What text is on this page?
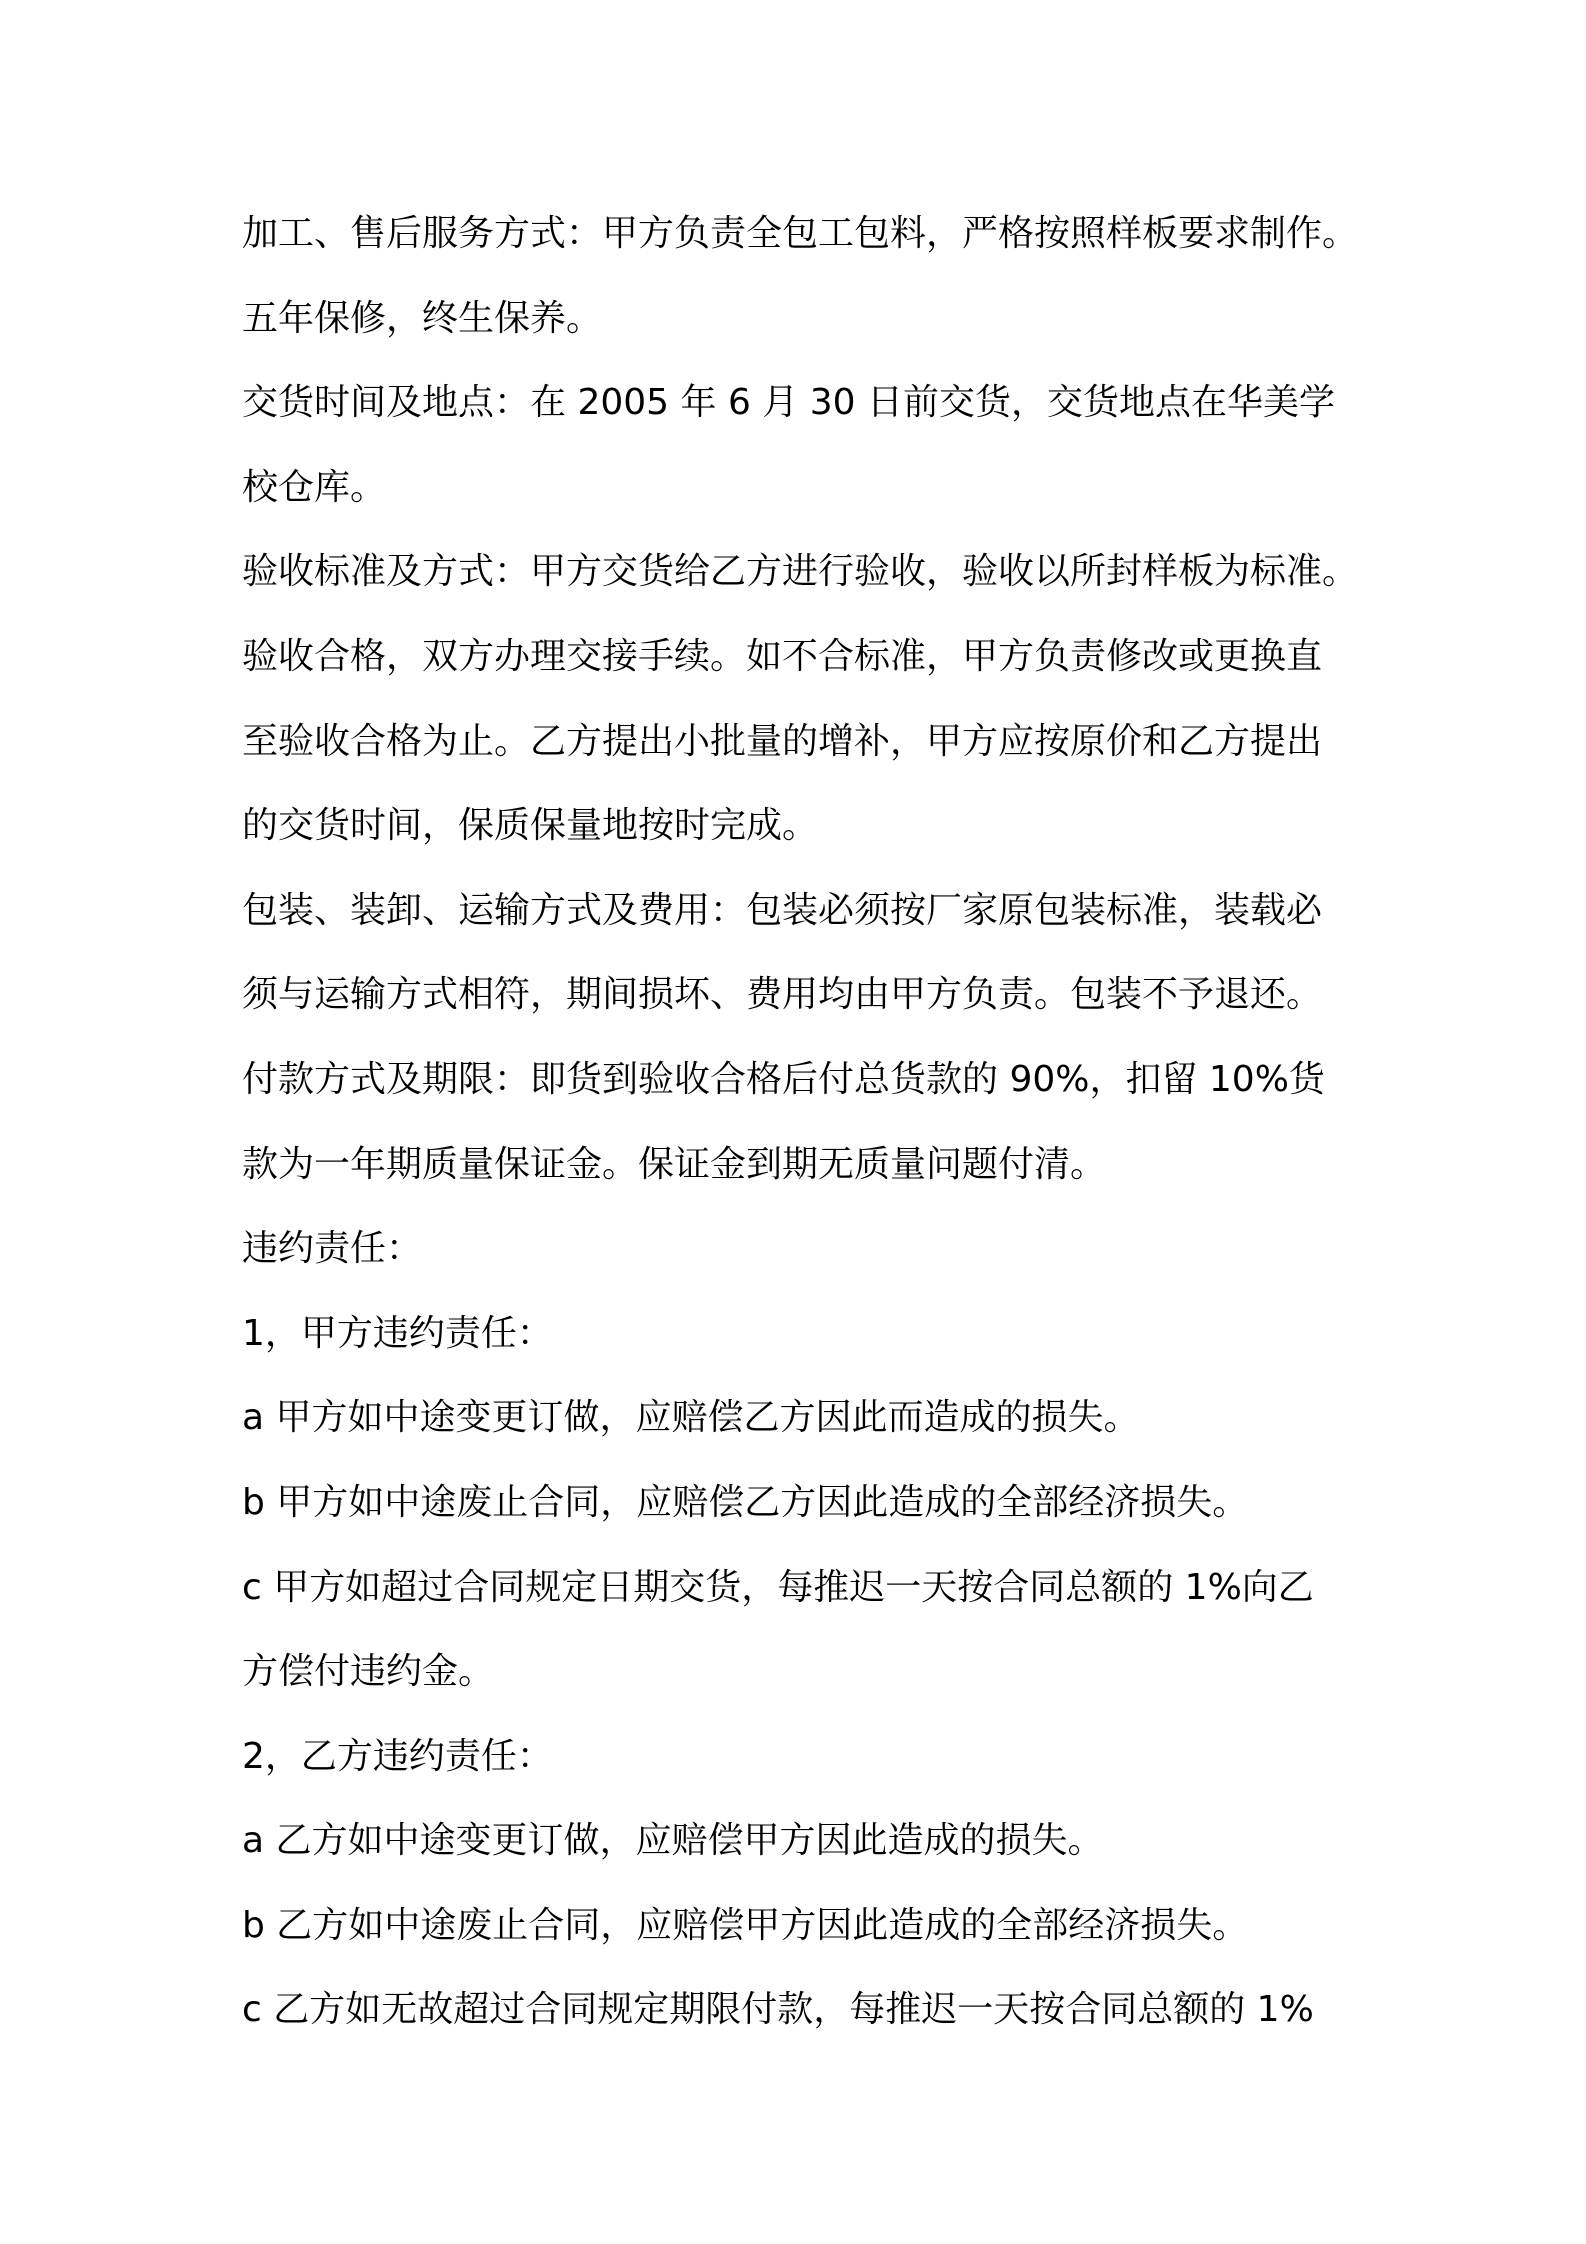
加工、售后服务方式：甲方负责全包工包料，严格按照样板要求制作。

五年保修，终生保养。

交货时间及地点：在 2005 年 6 月 30 日前交货，交货地点在华美学

校仓库。

验收标准及方式：甲方交货给乙方进行验收，验收以所封样板为标准。

验收合格，双方办理交接手续。如不合标准，甲方负责修改或更换直

至验收合格为止。乙方提出小批量的增补，甲方应按原价和乙方提出

的交货时间，保质保量地按时完成。

包装、装卸、运输方式及费用：包装必须按厂家原包装标准，装载必

须与运输方式相符，期间损坏、费用均由甲方负责。包装不予退还。

付款方式及期限：即货到验收合格后付总货款的 90%，扣留 10%货

款为一年期质量保证金。保证金到期无质量问题付清。

违约责任：

1，甲方违约责任：

a 甲方如中途变更订做，应赔偿乙方因此而造成的损失。

b 甲方如中途废止合同，应赔偿乙方因此造成的全部经济损失。

c 甲方如超过合同规定日期交货，每推迟一天按合同总额的 1%向乙

方偿付违约金。

2，乙方违约责任：

a 乙方如中途变更订做，应赔偿甲方因此造成的损失。

b 乙方如中途废止合同，应赔偿甲方因此造成的全部经济损失。

c 乙方如无故超过合同规定期限付款，每推迟一天按合同总额的 1%
